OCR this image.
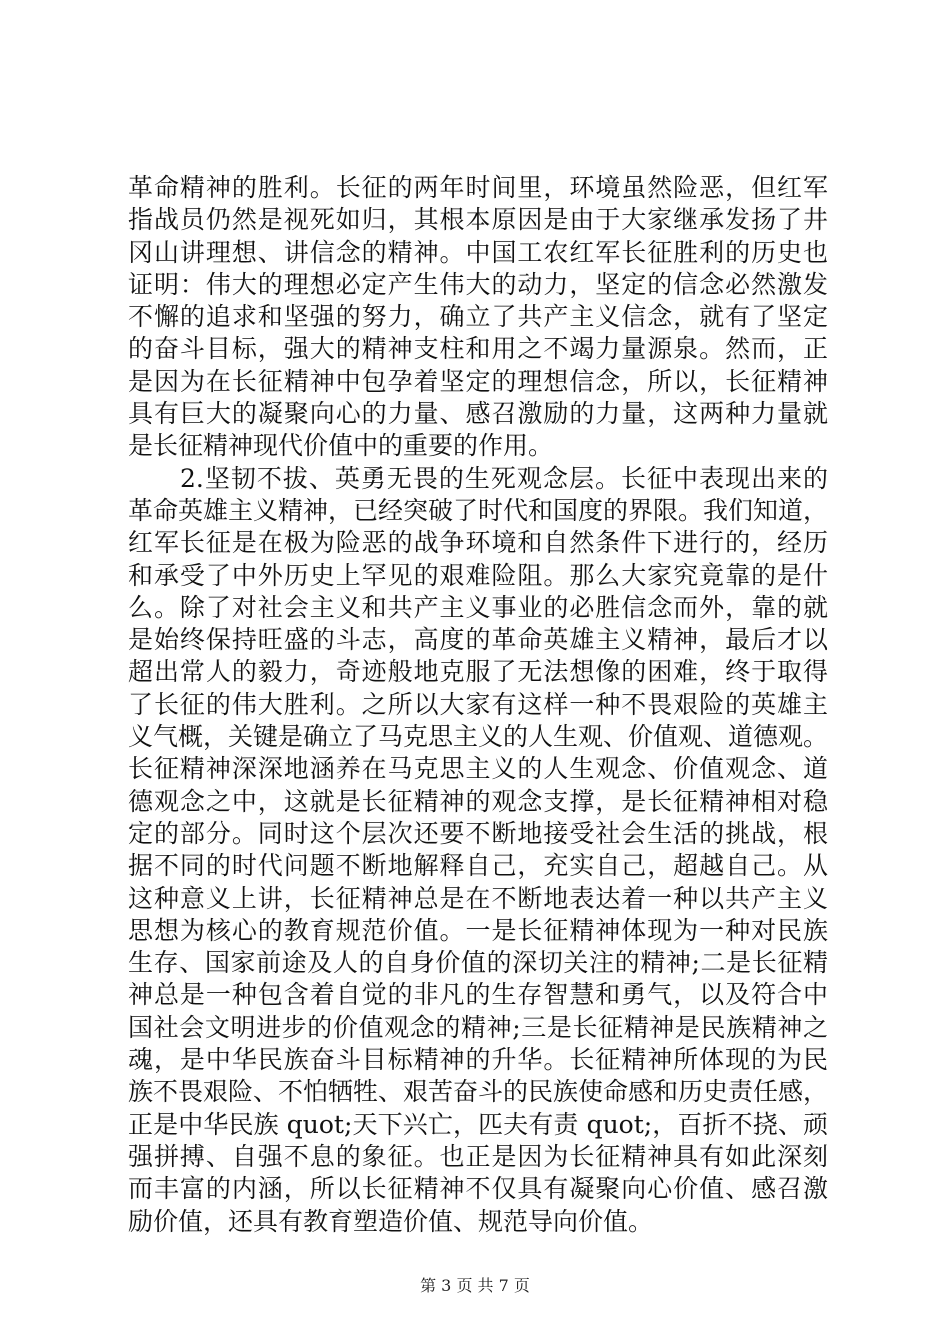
革命精神的胜利。长征的两年时间里，环境虽然险恶，但红军
指战员仍然是视死如归，其根本原因是由于大家继承发扬了井
冈山讲理想、讲信念的精神。中国工农红军长征胜利的历史也
证明：伟大的理想必定产生伟大的动力，坚定的信念必然激发
不懈的追求和坚强的努力，确立了共产主义信念，就有了坚定
的奋斗目标，强大的精神支柱和用之不竭力量源泉。然而，正
是因为在长征精神中包孕着坚定的理想信念，所以，长征精神
具有巨大的凝聚向心的力量、感召激励的力量，这两种力量就
是长征精神现代价值中的重要的作用。
　　2.坚韧不拔、英勇无畏的生死观念层。长征中表现出来的
革命英雄主义精神，已经突破了时代和国度的界限。我们知道，
红军长征是在极为险恶的战争环境和自然条件下进行的，经历
和承受了中外历史上罕见的艰难险阻。那么大家究竟靠的是什
么。除了对社会主义和共产主义事业的必胜信念而外，靠的就
是始终保持旺盛的斗志，高度的革命英雄主义精神，最后才以
超出常人的毅力，奇迹般地克服了无法想像的困难，终于取得
了长征的伟大胜利。之所以大家有这样一种不畏艰险的英雄主
义气概，关键是确立了马克思主义的人生观、价值观、道德观。
长征精神深深地涵养在马克思主义的人生观念、价值观念、道
德观念之中，这就是长征精神的观念支撑，是长征精神相对稳
定的部分。同时这个层次还要不断地接受社会生活的挑战，根
据不同的时代问题不断地解释自己，充实自己，超越自己。从
这种意义上讲，长征精神总是在不断地表达着一种以共产主义
思想为核心的教育规范价值。一是长征精神体现为一种对民族
生存、国家前途及人的自身价值的深切关注的精神;二是长征精
神总是一种包含着自觉的非凡的生存智慧和勇气，以及符合中
国社会文明进步的价值观念的精神;三是长征精神是民族精神之
魂，是中华民族奋斗目标精神的升华。长征精神所体现的为民
族不畏艰险、不怕牺牲、艰苦奋斗的民族使命感和历史责任感，
正是中华民族 quot;天下兴亡，匹夫有责 quot;，百折不挠、顽
强拼搏、自强不息的象征。也正是因为长征精神具有如此深刻
而丰富的内涵，所以长征精神不仅具有凝聚向心价值、感召激
励价值，还具有教育塑造价值、规范导向价值。
第 3 页 共 7 页
